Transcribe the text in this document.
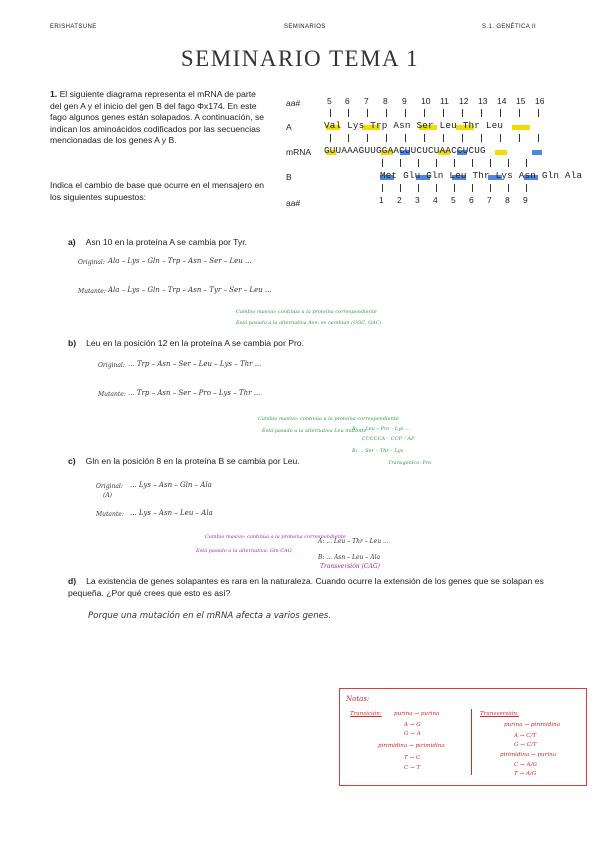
ERISHATSUNE	SEMINARIOS	S.1. GENÉTICA II
SEMINARIO TEMA 1
1. El siguiente diagrama representa el mRNA de parte del gen A y el inicio del gen B del fago Φx174. En este fago algunos genes están solapados. A continuación, se indican los aminoácidos codificados por las secuencias mencionadas de los genes A y B.
Indica el cambio de base que ocurre en el mensajero en los siguientes supuestos:
aa#
A
mRNA
B
aa#
5 6 7 8 9 10 11 12 13 14 15 16
Val Lys Trp Asn Ser Leu Thr Leu
GUUAAAGUUGGAACUUCUCUAACCUCUG
Met Glu Gln Leu Thr Lys Asn Gln Ala
1 2 3 4 5 6 7 8 9
a) Asn 10 en la proteína A se cambia por Tyr.
Original: Ala – Lys – Gln – Trp – Asn – Ser – Leu ...
Mutante: Ala – Lys – Gln – Trp – Asn – Tyr – Ser – Leu ...
Cambio masivo: continúa a la proteína correspondiente
Está pasado a la alternativa Asn: se cambian (UGC, GAC)
b) Leu en la posición 12 en la proteína A se cambia por Pro.
Original: ... Trp – Asn – Ser – Leu – Lys – Thr ...
Mutante: ... Trp – Asn – Ser – Pro – Lys – Thr ...
Cambio masivo: continúa a la proteína correspondiente
Está pasado a la alternativa Leu mutante
B: ... Leu – Pro – Lys ...
CUCCCA – CCP – AP
B: ... Ser – Thr – Lys
Transgénico: Pro
c) Gln en la posición 8 en la proteína B se cambia por Leu.
Original: ... Lys – Asn – Gln – Ala
(A)
Mutante: ... Lys – Asn – Leu – Ala
Cambio masivo: continúa a la proteína correspondiente
Está pasado a la alternativa: Gln CAG
A: ... Leu – Thr – Leu ...
B: ... Asn – Leu – Ala
Transversión (CAG)
d) La existencia de genes solapantes es rara en la naturaleza. Cuando ocurre la extensión de los genes que se solapan es pequeña. ¿Por qué crees que esto es así?
Porque una mutación en el mRNA afecta a varios genes.
Notas:
Transición: purina → purina
A → G
G → A
pirimidina → pirimidina
T → C
C → T
Transversión:
purina → pirimidina
A → C/T
G → C/T
pirimidina → purina
C → A/G
T → A/G
